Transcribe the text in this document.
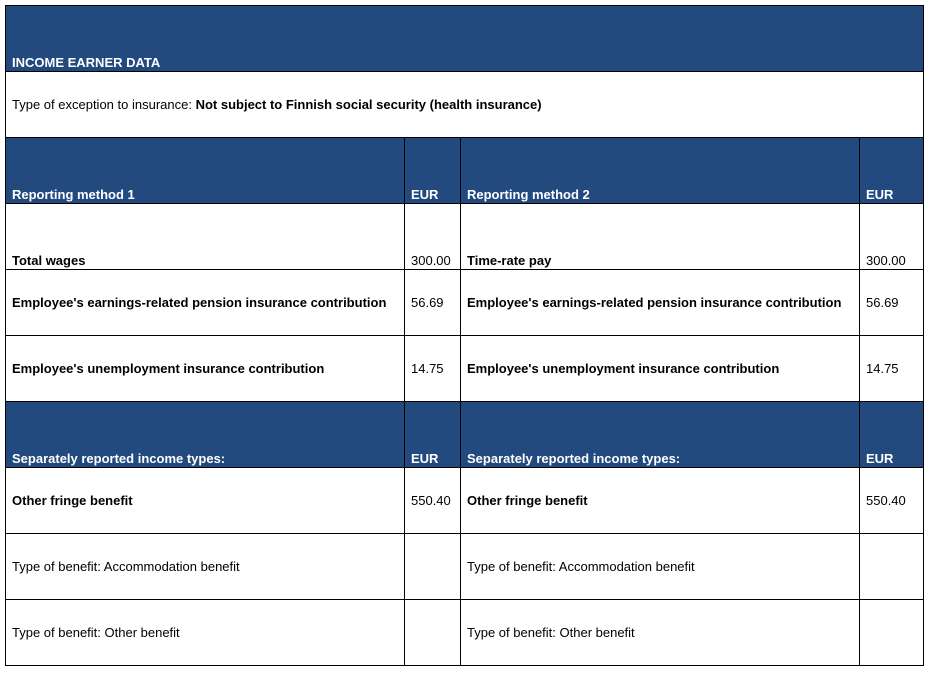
INCOME EARNER DATA			
Type of exception to insurance: Not subject to Finnish social security (health insurance)			
Reporting method 1	EUR	Reporting method 2	EUR
Total wages	300.00	Time-rate pay	300.00
Employee's earnings-related pension insurance contribution	56.69	Employee's earnings-related pension insurance contribution	56.69
Employee's unemployment insurance contribution	14.75	Employee's unemployment insurance contribution	14.75
Separately reported income types:	EUR	Separately reported income types:	EUR
Other fringe benefit	550.40	Other fringe benefit	550.40
Type of benefit: Accommodation benefit		Type of benefit: Accommodation benefit	
Type of benefit: Other benefit		Type of benefit: Other benefit	
